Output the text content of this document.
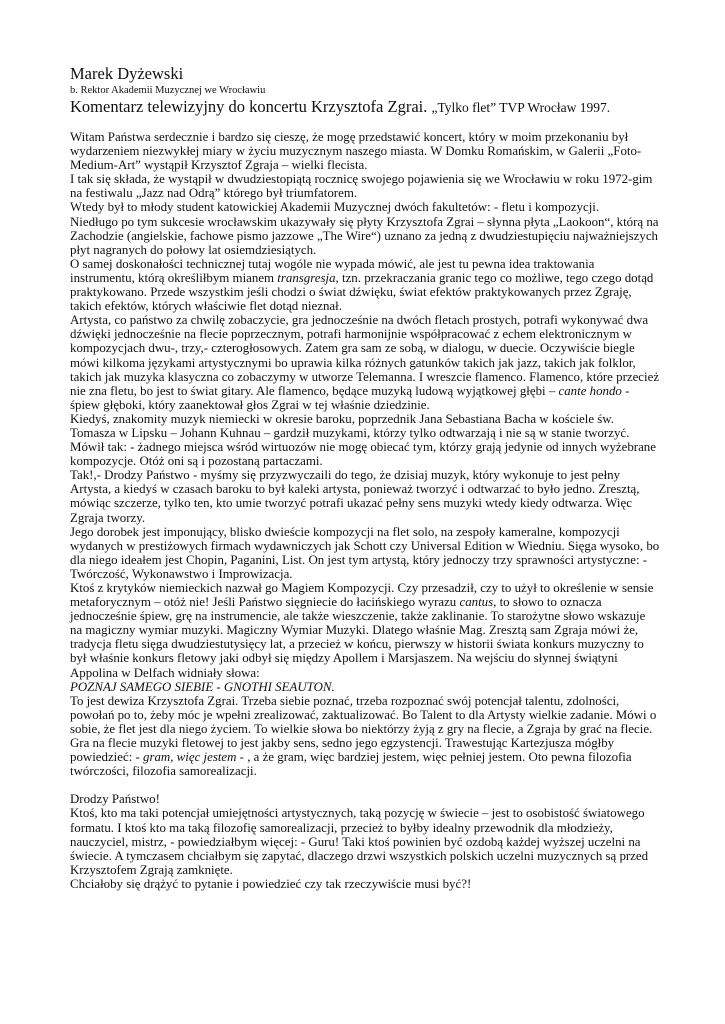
Marek Dyżewski
b. Rektor Akademii Muzycznej we Wrocławiu
Komentarz telewizyjny do koncertu Krzysztofa Zgrai. „Tylko flet” TVP Wrocław 1997.
Witam Państwa serdecznie i bardzo się cieszę, że mogę przedstawić koncert, który w moim przekonaniu był wydarzeniem niezwykłej miary w życiu muzycznym naszego miasta. W Domku Romańskim, w Galerii „Foto-Medium-Art” wystąpił Krzysztof Zgraja – wielki flecista.
I tak się składa, że wystąpił w dwudziestopiątą rocznicę swojego pojawienia się we Wrocławiu w roku 1972-gim na festiwalu „Jazz nad Odrą” którego był triumfatorem.
Wtedy był to młody student katowickiej Akademii Muzycznej dwóch fakultetów: - fletu i kompozycji.
Niedługo po tym sukcesie wrocławskim ukazywały się płyty Krzysztofa Zgrai – słynna płyta „Laokoon“, którą na Zachodzie (angielskie, fachowe pismo jazzowe „The Wire“) uznano za jedną z dwudziestupięciu najważniejszych płyt nagranych do połowy lat osiemdziesiątych.
O samej doskonałości technicznej tutaj wogóle nie wypada mówić, ale jest tu pewna idea traktowania instrumentu, którą określiłbym mianem transgresja, tzn. przekraczania granic tego co możliwe, tego czego dotąd praktykowano. Przede wszystkim jeśli chodzi o świat dźwięku, świat efektów praktykowanych przez Zgraję, takich efektów, których właściwie flet dotąd nieznał.
Artysta, co państwo za chwilę zobaczycie, gra jednocześnie na dwóch fletach prostych, potrafi wykonywać dwa dźwięki jednocześnie na flecie poprzecznym, potrafi harmonijnie współpracować z echem elektronicznym w kompozycjach dwu-, trzy,- czterogłosowych. Zatem gra sam ze sobą, w dialogu, w duecie. Oczywiście biegle mówi kilkoma językami artystycznymi bo uprawia kilka różnych gatunków takich jak jazz, takich jak folklor, takich jak muzyka klasyczna co zobaczymy w utworze Telemanna. I wreszcie flamenco. Flamenco, które przecież nie zna fletu, bo jest to świat gitary. Ale flamenco, będące muzyką ludową wyjątkowej głębi – cante hondo - śpiew głęboki, który zaanektował głos Zgrai w tej właśnie dziedzinie.
Kiedyś, znakomity muzyk niemiecki w okresie baroku, poprzednik Jana Sebastiana Bacha w kościele św. Tomasza w Lipsku – Johann Kuhnau – gardził muzykami, którzy tylko odtwarzają i nie są w stanie tworzyć. Mówił tak: - żadnego miejsca wśród wirtuozów nie mogę obiecać tym, którzy grają jedynie od innych wyżebrane kompozycje. Otóż oni są i pozostaną partaczami.
Tak!,- Drodzy Państwo - myśmy się przyzwyczaili do tego, że dzisiaj muzyk, który wykonuje to jest pełny Artysta, a kiedyś w czasach baroku to był kaleki artysta, ponieważ tworzyć i odtwarzać to było jedno. Zresztą, mówiąc szczerze, tylko ten, kto umie tworzyć potrafi ukazać pełny sens muzyki wtedy kiedy odtwarza. Więc Zgraja tworzy.
Jego dorobek jest imponujący, blisko dwieście kompozycji na flet solo, na zespoły kameralne, kompozycji wydanych w prestiżowych firmach wydawniczych jak Schott czy Universal Edition w Wiedniu. Sięga wysoko, bo dla niego ideałem jest Chopin, Paganini, List. On jest tym artystą, który jednoczy trzy sprawności artystyczne: - Twórczość, Wykonawstwo i Improwizacja.
Ktoś z krytyków niemieckich nazwał go Magiem Kompozycji. Czy przesadził, czy to użył to określenie w sensie metaforycznym – otóż nie! Jeśli Państwo sięgniecie do łacińskiego wyrazu cantus, to słowo to oznacza jednocześnie śpiew, grę na instrumencie, ale także wieszczenie, także zaklinanie. To starożytne słowo wskazuje na magiczny wymiar muzyki. Magiczny Wymiar Muzyki. Dlatego właśnie Mag. Zresztą sam Zgraja mówi że, tradycja fletu sięga dwudziestutysięcy lat, a przecież w końcu, pierwszy w historii świata konkurs muzyczny to był właśnie konkurs fletowy jaki odbył się między Apollem i Marsjaszem. Na wejściu do słynnej świątyni Appolina w Delfach widniały słowa:
POZNAJ SAMEGO SIEBIE - GNOTHI SEAUTON.
To jest dewiza Krzysztofa Zgrai. Trzeba siebie poznać, trzeba rozpoznać swój potencjał talentu, zdolności, powołań po to, żeby móc je wpełni zrealizować, zaktualizować. Bo Talent to dla Artysty wielkie zadanie. Mówi o sobie, że flet jest dla niego życiem. To wielkie słowa bo niektórzy żyją z gry na flecie, a Zgraja by grać na flecie. Gra na flecie muzyki fletowej to jest jakby sens, sedno jego egzystencji. Trawestując Kartezjusza mógłby powiedzieć: - gram, więc jestem - , a że gram, więc bardziej jestem, więc pełniej jestem. Oto pewna filozofia twórczości, filozofia samorealizacji.
Drodzy Państwo!
Ktoś, kto ma taki potencjał umiejętności artystycznych, taką pozycję w świecie – jest to osobistość światowego formatu. I ktoś kto ma taką filozofię samorealizacji, przecież to byłby idealny przewodnik dla młodzieży, nauczyciel, mistrz, - powiedziałbym więcej: - Guru! Taki ktoś powinien być ozdobą każdej wyższej uczelni na świecie. A tymczasem chciałbym się zapytać, dlaczego drzwi wszystkich polskich uczelni muzycznych są przed Krzysztofem Zgrają zamknięte.
Chciałoby się drążyć to pytanie i powiedzieć czy tak rzeczywiście musi być?!
